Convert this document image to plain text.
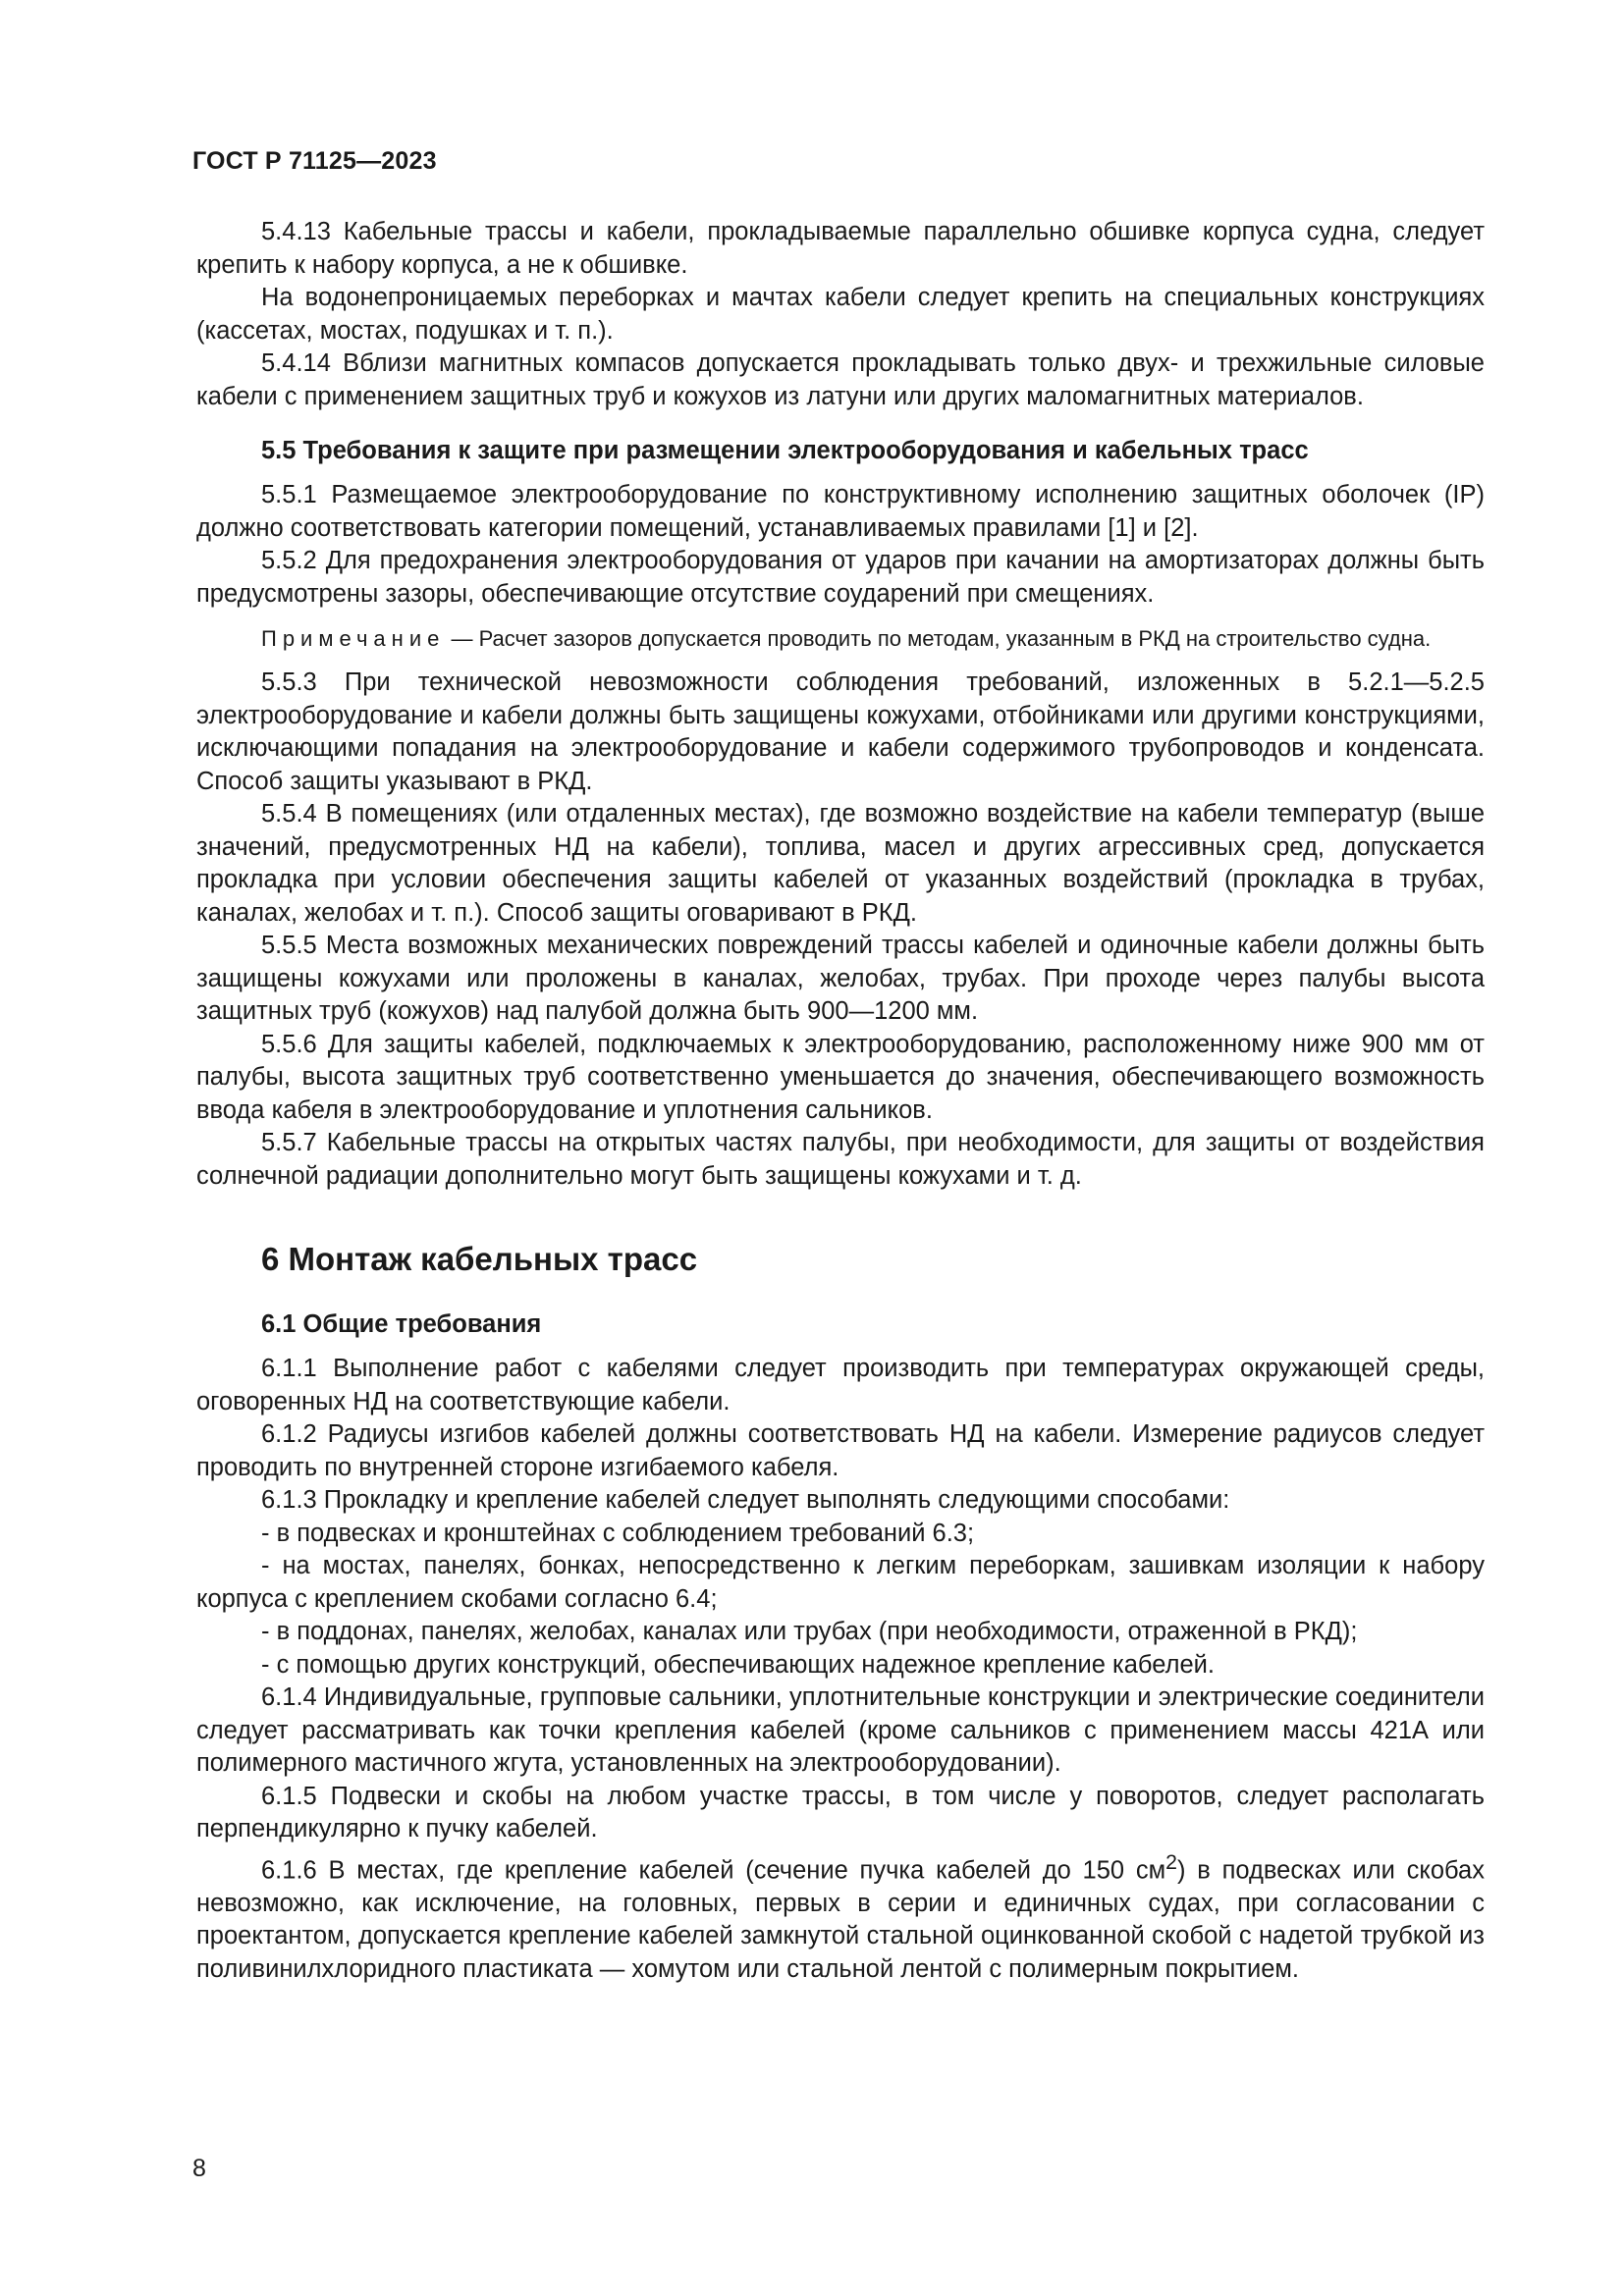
ГОСТ Р 71125—2023

5.4.13 Кабельные трассы и кабели, прокладываемые параллельно обшивке корпуса судна, следует крепить к набору корпуса, а не к обшивке.

На водонепроницаемых переборках и мачтах кабели следует крепить на специальных конструкциях (кассетах, мостах, подушках и т. п.).

5.4.14 Вблизи магнитных компасов допускается прокладывать только двух- и трехжильные силовые кабели с применением защитных труб и кожухов из латуни или других маломагнитных материалов.

5.5 Требования к защите при размещении электрооборудования и кабельных трасс

5.5.1 Размещаемое электрооборудование по конструктивному исполнению защитных оболочек (IP) должно соответствовать категории помещений, устанавливаемых правилами [1] и [2].

5.5.2 Для предохранения электрооборудования от ударов при качании на амортизаторах должны быть предусмотрены зазоры, обеспечивающие отсутствие соударений при смещениях.

Примечание — Расчет зазоров допускается проводить по методам, указанным в РКД на строительство судна.

5.5.3 При технической невозможности соблюдения требований, изложенных в 5.2.1—5.2.5 электрооборудование и кабели должны быть защищены кожухами, отбойниками или другими конструкциями, исключающими попадания на электрооборудование и кабели содержимого трубопроводов и конденсата. Способ защиты указывают в РКД.

5.5.4 В помещениях (или отдаленных местах), где возможно воздействие на кабели температур (выше значений, предусмотренных НД на кабели), топлива, масел и других агрессивных сред, допускается прокладка при условии обеспечения защиты кабелей от указанных воздействий (прокладка в трубах, каналах, желобах и т. п.). Способ защиты оговаривают в РКД.

5.5.5 Места возможных механических повреждений трассы кабелей и одиночные кабели должны быть защищены кожухами или проложены в каналах, желобах, трубах. При проходе через палубы высота защитных труб (кожухов) над палубой должна быть 900—1200 мм.

5.5.6 Для защиты кабелей, подключаемых к электрооборудованию, расположенному ниже 900 мм от палубы, высота защитных труб соответственно уменьшается до значения, обеспечивающего возможность ввода кабеля в электрооборудование и уплотнения сальников.

5.5.7 Кабельные трассы на открытых частях палубы, при необходимости, для защиты от воздействия солнечной радиации дополнительно могут быть защищены кожухами и т. д.

6 Монтаж кабельных трасс

6.1 Общие требования

6.1.1 Выполнение работ с кабелями следует производить при температурах окружающей среды, оговоренных НД на соответствующие кабели.

6.1.2 Радиусы изгибов кабелей должны соответствовать НД на кабели. Измерение радиусов следует проводить по внутренней стороне изгибаемого кабеля.

6.1.3 Прокладку и крепление кабелей следует выполнять следующими способами:

- в подвесках и кронштейнах с соблюдением требований 6.3;

- на мостах, панелях, бонках, непосредственно к легким переборкам, зашивкам изоляции к набору корпуса с креплением скобами согласно 6.4;

- в поддонах, панелях, желобах, каналах или трубах (при необходимости, отраженной в РКД);

- с помощью других конструкций, обеспечивающих надежное крепление кабелей.

6.1.4 Индивидуальные, групповые сальники, уплотнительные конструкции и электрические соединители следует рассматривать как точки крепления кабелей (кроме сальников с применением массы 421А или полимерного мастичного жгута, установленных на электрооборудовании).

6.1.5 Подвески и скобы на любом участке трассы, в том числе у поворотов, следует располагать перпендикулярно к пучку кабелей.

6.1.6 В местах, где крепление кабелей (сечение пучка кабелей до 150 $см^2$) в подвесках или скобах невозможно, как исключение, на головных, первых в серии и единичных судах, при согласовании с проектантом, допускается крепление кабелей замкнутой стальной оцинкованной скобой с надетой трубкой из поливинилхлоридного пластиката — хомутом или стальной лентой с полимерным покрытием.

8
